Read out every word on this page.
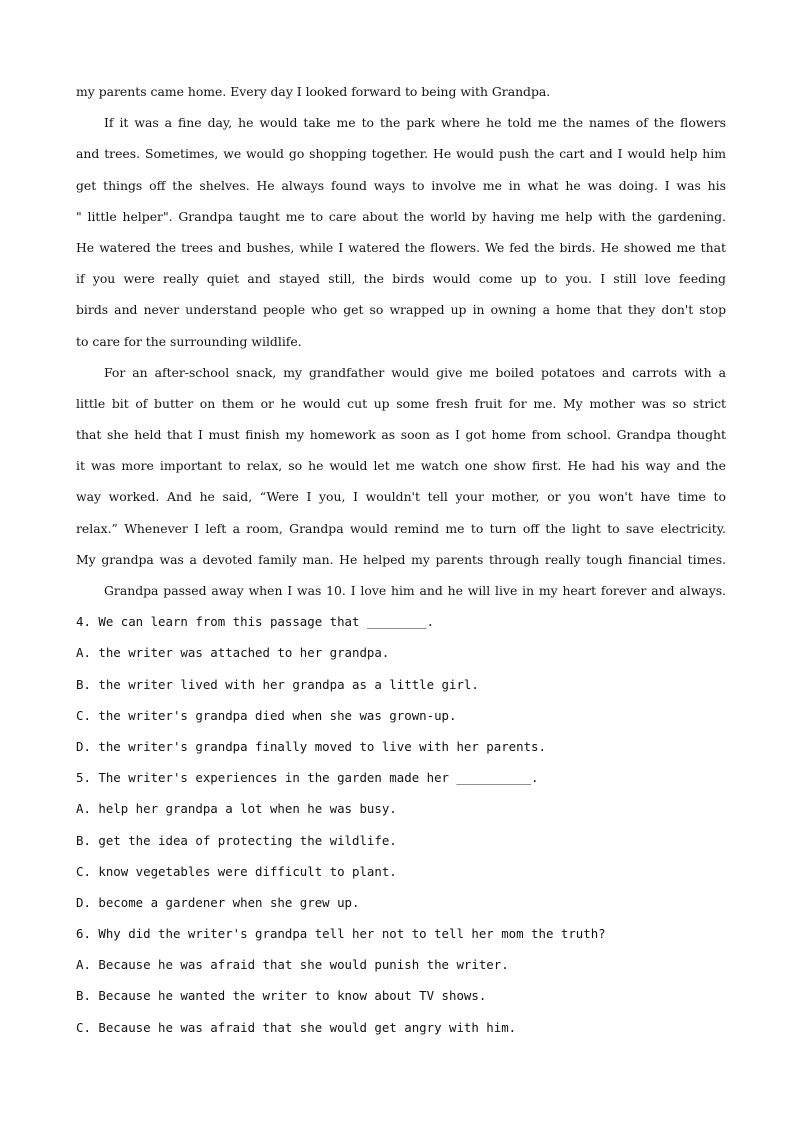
my parents came home. Every day I looked forward to being with Grandpa.
If it was a fine day, he would take me to the park where he told me the names of the flowers
and trees. Sometimes, we would go shopping together. He would push the cart and I would help him
get things off the shelves. He always found ways to involve me in what he was doing. I was his
" little helper". Grandpa taught me to care about the world by having me help with the gardening.
He watered the trees and bushes, while I watered the flowers. We fed the birds. He showed me that
if you were really quiet and stayed still, the birds would come up to you. I still love feeding
birds and never understand people who get so wrapped up in owning a home that they don't stop
to care for the surrounding wildlife.
For an after-school snack, my grandfather would give me boiled potatoes and carrots with a
little bit of butter on them or he would cut up some fresh fruit for me. My mother was so strict
that she held that I must finish my homework as soon as I got home from school. Grandpa thought
it was more important to relax, so he would let me watch one show first. He had his way and the
way worked. And he said, “Were I you, I wouldn't tell your mother, or you won't have time to
relax.” Whenever I left a room, Grandpa would remind me to turn off the light to save electricity.
My grandpa was a devoted family man. He helped my parents through really tough financial times.
Grandpa passed away when I was 10. I love him and he will live in my heart forever and always.
4. We can learn from this passage that ________.
A. the writer was attached to her grandpa.
B. the writer lived with her grandpa as a little girl.
C. the writer's grandpa died when she was grown-up.
D. the writer's grandpa finally moved to live with her parents.
5. The writer's experiences in the garden made her __________.
A. help her grandpa a lot when he was busy.
B. get the idea of protecting the wildlife.
C. know vegetables were difficult to plant.
D. become a gardener when she grew up.
6. Why did the writer's grandpa tell her not to tell her mom the truth?
A. Because he was afraid that she would punish the writer.
B. Because he wanted the writer to know about TV shows.
C. Because he was afraid that she would get angry with him.
